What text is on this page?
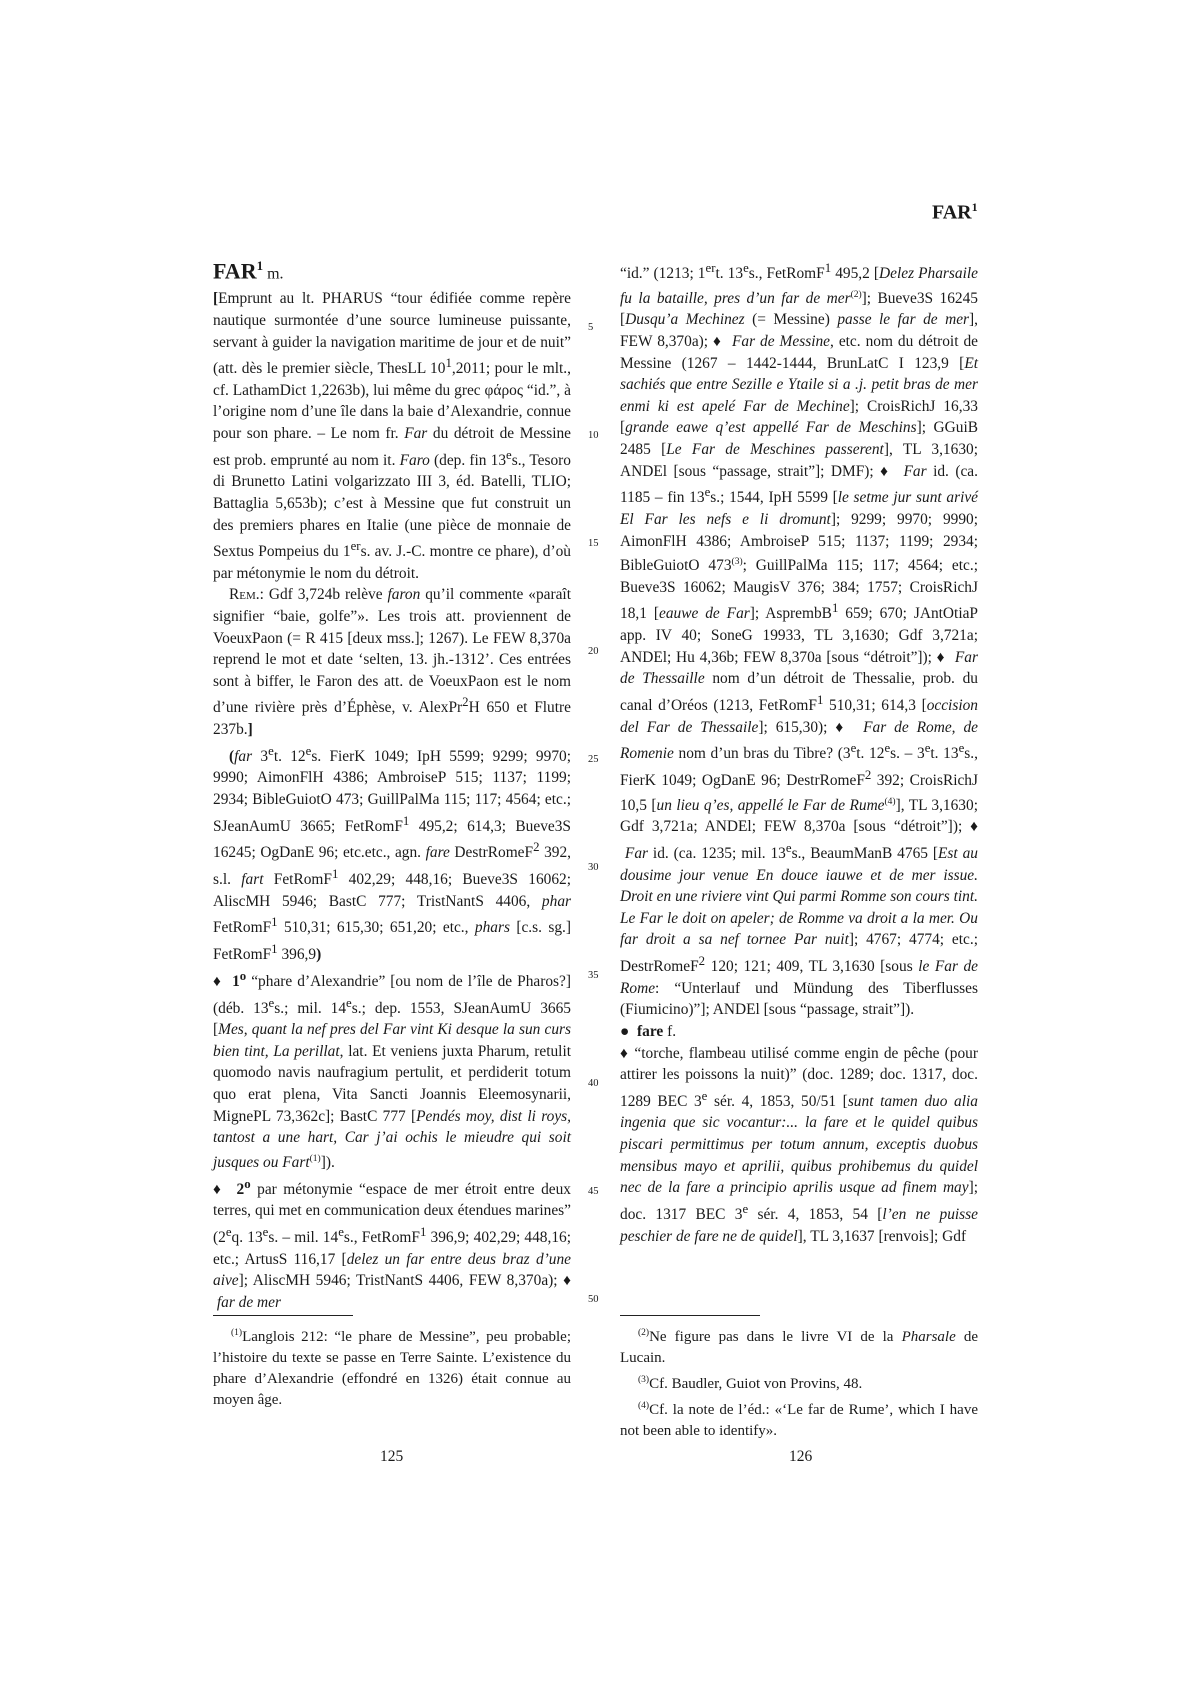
FAR$^1$
FAR$^1$ m.

[Emprunt au lt. PHARUS “tour édifiée comme repère nautique surmontée d’une source lumineuse puissante, servant à guider la navigation maritime de jour et de nuit” (att. dès le premier siècle, ThesLL $10^1,2011$; pour le mlt., cf. LathamDict 1,2263b), lui même du grec φάρος “id.”, à l’origine nom d’une île dans la baie d’Alexandrie, connue pour son phare. – Le nom fr. Far du détroit de Messine est prob. emprunté au nom it. Faro (dep. fin 13es., Tesoro di Brunetto Latini volgarizzato III 3, éd. Batelli, TLIO; Battaglia 5,653b); c’est à Messine que fut construit un des premiers phares en Italie (une pièce de monnaie de Sextus Pompeius du 1ers. av. J.-C. montre ce phare), d’où par métonymie le nom du détroit.

Rem.: Gdf 3,724b relève faron qu’il commente «paraît signifier “baie, golfe”». Les trois att. proviennent de VoeuxPaon (= R 415 [deux mss.]; 1267). Le FEW 8,370a reprend le mot et date ‘selten, 13. jh.-1312’. Ces entrées sont à biffer, le Faron des att. de VoeuxPaon est le nom d’une rivière près d’Éphèse, v. AlexPr$^2$H 650 et Flutre 237b.]

(far 3et. 12es. FierK 1049; IpH 5599; 9299; 9970; 9990; AimonFlH 4386; AmbroiseP 515; 1137; 1199; 2934; BibleGuiotO 473; GuillPalMa 115; 117; 4564; etc.; SJeanAumU 3665; FetRomF$^1$ 495,2; 614,3; Bueve3S 16245; OgDanE 96; etc.etc., agn. fare DestrRomeF$^2$ 392, s.l. fart FetRomF$^1$ 402,29; 448,16; Bueve3S 16062; AliscMH 5946; BastC 777; TristNantS 4406, phar FetRomF$^1$ 510,31; 615,30; 651,20; etc., phars [c.s. sg.] FetRomF$^1$ 396,9)

♦  1$^o$ “phare d’Alexandrie” [ou nom de l’île de Pharos?] (déb. 13es.; mil. 14es.; dep. 1553, SJeanAumU 3665 [Mes, quant la nef pres del Far vint Ki desque la sun curs bien tint, La perillat, lat. Et veniens juxta Pharum, retulit quomodo navis naufragium pertulit, et perdiderit totum quo erat plena, Vita Sancti Joannis Eleemosynarii, MignePL 73,362c]; BastC 777 [Pendés moy, dist li roys, tantost a une hart, Car j’ai ochis le mieudre qui soit jusques ou Fart$^{(1)}$]).

♦  2$^o$ par métonymie “espace de mer étroit entre deux terres, qui met en communication deux étendues marines” (2eq. 13es. – mil. 14es., FetRomF$^1$ 396,9; 402,29; 448,16; etc.; ArtusS 116,17 [delez un far entre deus braz d’une aive]; AliscMH 5946; TristNantS 4406, FEW 8,370a); ♦  far de mer

5
10
15
20
25
30
35
40
45
50

“id.” (1213; 1ert. 13es., FetRomF$^1$ 495,2 [Delez Pharsaile fu la bataille, pres d’un far de mer$^{(2)}$]; Bueve3S 16245 [Dusqu’a Mechinez (= Messine) passe le far de mer], FEW 8,370a); ♦  Far de Messine, etc. nom du détroit de Messine (1267 – 1442-1444, BrunLatC I 123,9 [Et sachiés que entre Sezille e Ytaile si a .j. petit bras de mer enmi ki est apelé Far de Mechine]; CroisRichJ 16,33 [grande eawe q’est appellé Far de Meschins]; GGuiB 2485 [Le Far de Meschines passerent], TL 3,1630; ANDEl [sous “passage, strait”]; DMF); ♦  Far id. (ca. 1185 – fin 13es.; 1544, IpH 5599 [le setme jur sunt arivé El Far les nefs e li dromunt]; 9299; 9970; 9990; AimonFlH 4386; AmbroiseP 515; 1137; 1199; 2934; BibleGuiotO 473$^{(3)}$; GuillPalMa 115; 117; 4564; etc.; Bueve3S 16062; MaugisV 376; 384; 1757; CroisRichJ 18,1 [eauwe de Far]; AsprembB$^1$ 659; 670; JAntOtiaP app. IV 40; SoneG 19933, TL 3,1630; Gdf 3,721a; ANDEl; Hu 4,36b; FEW 8,370a [sous “détroit”]); ♦  Far de Thessaille nom d’un détroit de Thessalie, prob. du canal d’Oréos (1213, FetRomF$^1$ 510,31; 614,3 [occision del Far de Thessaile]; 615,30); ♦  Far de Rome, de Romenie nom d’un bras du Tibre? (3et. 12es. – 3et. 13es., FierK 1049; OgDanE 96; DestrRomeF$^2$ 392; CroisRichJ 10,5 [un lieu q’es, appellé le Far de Rume$^{(4)}$], TL 3,1630; Gdf 3,721a; ANDEl; FEW 8,370a [sous “détroit”]); ♦  Far id. (ca. 1235; mil. 13es., BeaumManB 4765 [Est au dousime jour venue En douce iauwe et de mer issue. Droit en une riviere vint Qui parmi Romme son cours tint. Le Far le doit on apeler; de Romme va droit a la mer. Ou far droit a sa nef tornee Par nuit]; 4767; 4774; etc.; DestrRomeF$^2$ 120; 121; 409, TL 3,1630 [sous le Far de Rome: “Unterlauf und Mündung des Tiberflusses (Fiumicino)”]; ANDEl [sous “passage, strait”]).

●  fare f.

♦ “torche, flambeau utilisé comme engin de pêche (pour attirer les poissons la nuit)” (doc. 1289; doc. 1317, doc. 1289 BEC 3e sér. 4, 1853, 50/51 [sunt tamen duo alia ingenia que sic vocantur:... la fare et le quidel quibus piscari permittimus per totum annum, exceptis duobus mensibus mayo et aprilii, quibus prohibemus du quidel nec de la fare a principio aprilis usque ad finem may]; doc. 1317 BEC 3e sér. 4, 1853, 54 [l’en ne puisse peschier de fare ne de quidel], TL 3,1637 [renvois]; Gdf

$^{(1)}$Langlois 212: “le phare de Messine”, peu probable; l’histoire du texte se passe en Terre Sainte. L’existence du phare d’Alexandrie (effondré en 1326) était connue au moyen âge.

$^{(2)}$Ne figure pas dans le livre VI de la Pharsale de Lucain.

$^{(3)}$Cf. Baudler, Guiot von Provins, 48.

$^{(4)}$Cf. la note de l’éd.: «‘Le far de Rume’, which I have not been able to identify».

125	126
